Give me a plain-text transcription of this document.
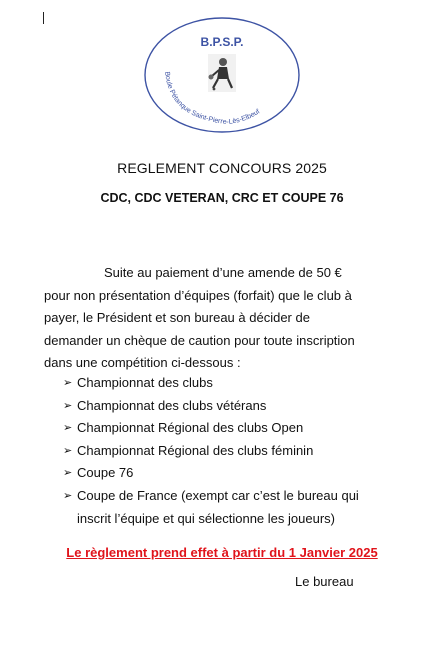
B.P.S.P.
Boule Pétanque Saint-Pierre-Lès-Elbeuf
REGLEMENT CONCOURS 2025
CDC, CDC VETERAN, CRC ET COUPE 76
Suite au paiement d’une amende de 50 €
pour non présentation d’équipes (forfait) que le club à
payer, le Président et son bureau à décider de
demander un chèque de caution pour toute inscription
dans une compétition ci-dessous :
➢ Championnat des clubs
➢ Championnat des clubs vétérans
➢ Championnat Régional des clubs Open
➢ Championnat Régional des clubs féminin
➢ Coupe 76
➢ Coupe de France (exempt car c’est le bureau qui
inscrit l’équipe et qui sélectionne les joueurs)
Le règlement prend effet à partir du 1 Janvier 2025
Le bureau
